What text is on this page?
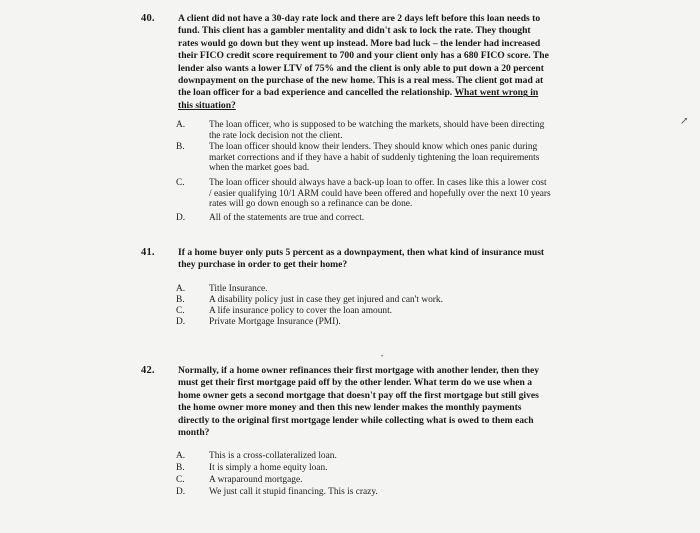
40. A client did not have a 30-day rate lock and there are 2 days left before this loan needs to fund. This client has a gambler mentality and didn't ask to lock the rate. They thought rates would go down but they went up instead. More bad luck – the lender had increased their FICO credit score requirement to 700 and your client only has a 680 FICO score. The lender also wants a lower LTV of 75% and the client is only able to put down a 20 percent downpayment on the purchase of the new home. This is a real mess. The client got mad at the loan officer for a bad experience and cancelled the relationship. What went wrong in this situation?
A.	The loan officer, who is supposed to be watching the markets, should have been directing the rate lock decision not the client.
B.	The loan officer should know their lenders. They should know which ones panic during market corrections and if they have a habit of suddenly tightening the loan requirements when the market goes bad.
C.	The loan officer should always have a back-up loan to offer. In cases like this a lower cost / easier qualifying 10/1 ARM could have been offered and hopefully over the next 10 years rates will go down enough so a refinance can be done.
D.	All of the statements are true and correct.
41. If a home buyer only puts 5 percent as a downpayment, then what kind of insurance must they purchase in order to get their home?
A.	Title Insurance.
B.	A disability policy just in case they get injured and can't work.
C.	A life insurance policy to cover the loan amount.
D.	Private Mortgage Insurance (PMI).
42. Normally, if a home owner refinances their first mortgage with another lender, then they must get their first mortgage paid off by the other lender. What term do we use when a home owner gets a second mortgage that doesn't pay off the first mortgage but still gives the home owner more money and then this new lender makes the monthly payments directly to the original first mortgage lender while collecting what is owed to them each month?
A.	This is a cross-collateralized loan.
B.	It is simply a home equity loan.
C.	A wraparound mortgage.
D.	We just call it stupid financing. This is crazy.
↗
•
